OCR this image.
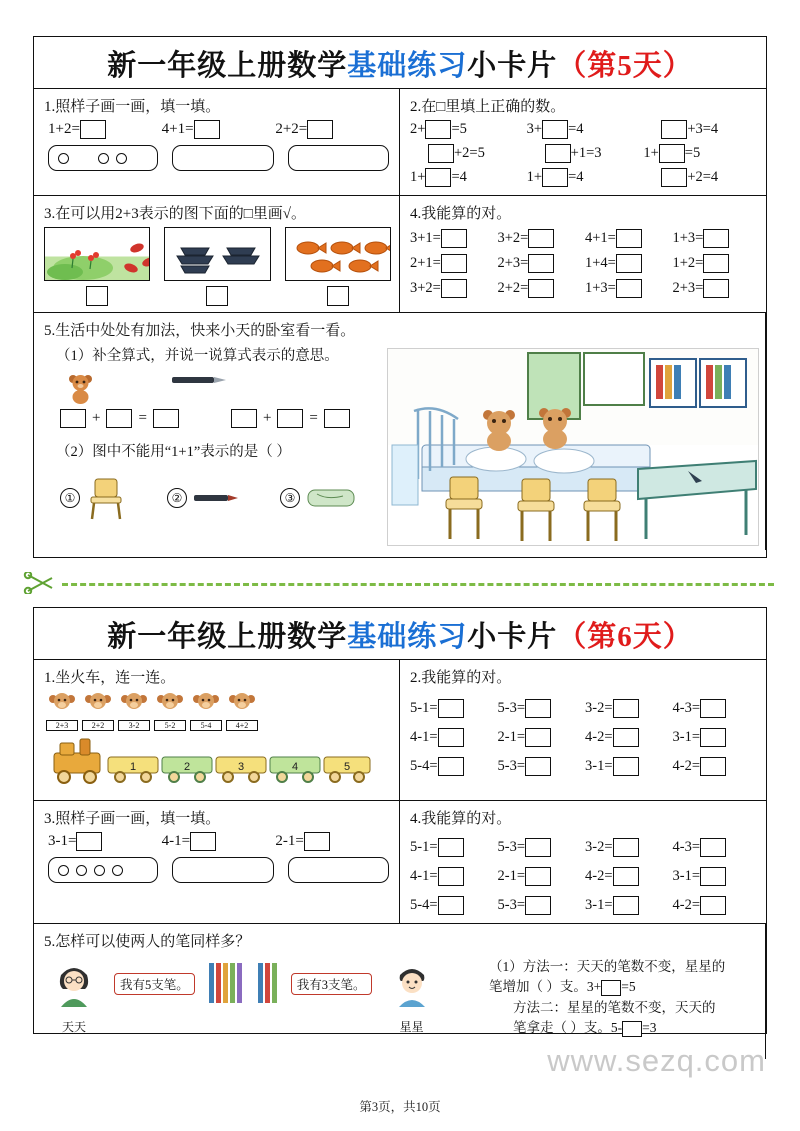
新一年级上册数学基础练习小卡片（第5天）
1.照样子画一画，填一填。
1+2=	4+1=	2+2=
2.在□里填上正确的数。
2+ =5	3+ =4	+3=4
+2=5	+1=3	1+ =5
1+ =4	1+ =4	+2=4
3.在可以用2+3表示的图下面的□里画√。	4.我能算的对。
3+1=	3+2=	4+1=	1+3=
2+1=	2+3=	1+4=	1+2=
3+2=	2+2=	1+3=	2+3=
5.生活中处处有加法，快来小天的卧室看一看。
（1）补全算式，并说一说算式表示的意思。
+	=	+	=
（2）图中不能用“1+1”表示的是（ ）
①	②	③
新一年级上册数学基础练习小卡片（第6天）
1.坐火车，连一连。
2+3	2+2	3-2	5-2	5-4	4+2
1	2	3	4	5
2.我能算的对。
5-1=	5-3=	3-2=	4-3=
4-1=	2-1=	4-2=	3-1=
5-4=	5-3=	3-1=	4-2=
3.照样子画一画，填一填。
3-1=	4-1=	2-1=
4.我能算的对。
5-1=	5-3=	3-2=	4-3=
4-1=	2-1=	4-2=	3-1=
5-4=	5-3=	3-1=	4-2=
5.怎样可以使两人的笔同样多？
天天
我有5支笔。	我有3支笔。
星星
（1）方法一：天天的笔数不变，星星的
笔增加（ ）支。3+ =5
方法二：星星的笔数不变，天天的
笔拿走（ ）支。5- =3
www.sezq.com
第3页，共10页
